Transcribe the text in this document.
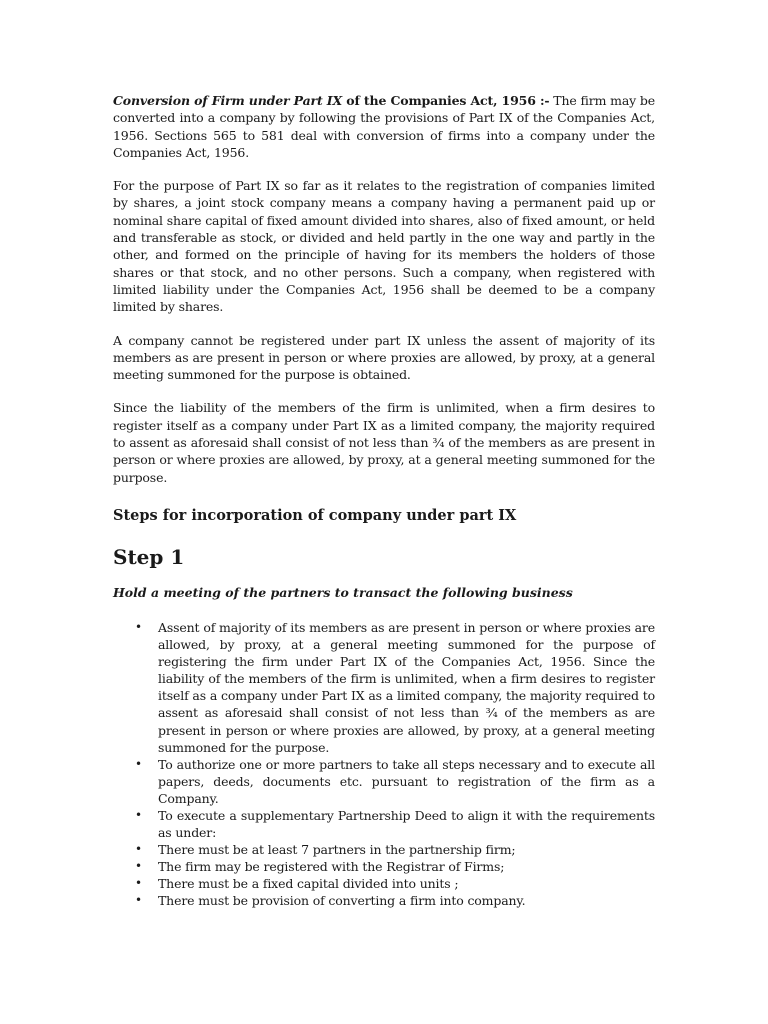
Conversion of Firm under Part IX of the Companies Act, 1956 :- The firm may be converted into a company by following the provisions of Part IX of the Companies Act, 1956. Sections 565 to 581 deal with conversion of firms into a company under the Companies Act, 1956.

For the purpose of Part IX so far as it relates to the registration of companies limited by shares, a joint stock company means a company having a permanent paid up or nominal share capital of fixed amount divided into shares, also of fixed amount, or held and transferable as stock, or divided and held partly in the one way and partly in the other, and formed on the principle of having for its members the holders of those shares or that stock, and no other persons. Such a company, when registered with limited liability under the Companies Act, 1956 shall be deemed to be a company limited by shares.

A company cannot be registered under part IX unless the assent of majority of its members as are present in person or where proxies are allowed, by proxy, at a general meeting summoned for the purpose is obtained.

Since the liability of the members of the firm is unlimited, when a firm desires to register itself as a company under Part IX as a limited company, the majority required to assent as aforesaid shall consist of not less than ¾ of the members as are present in person or where proxies are allowed, by proxy, at a general meeting summoned for the purpose.

Steps for incorporation of company under part IX
Step 1
Hold a meeting of the partners to transact the following business
• Assent of majority of its members as are present in person or where proxies are allowed, by proxy, at a general meeting summoned for the purpose of registering the firm under Part IX of the Companies Act, 1956. Since the liability of the members of the firm is unlimited, when a firm desires to register itself as a company under Part IX as a limited company, the majority required to assent as aforesaid shall consist of not less than ¾ of the members as are present in person or where proxies are allowed, by proxy, at a general meeting summoned for the purpose.
• To authorize one or more partners to take all steps necessary and to execute all papers, deeds, documents etc. pursuant to registration of the firm as a Company.
• To execute a supplementary Partnership Deed to align it with the requirements as under:
• There must be at least 7 partners in the partnership firm;
• The firm may be registered with the Registrar of Firms;
• There must be a fixed capital divided into units ;
• There must be provision of converting a firm into company.
